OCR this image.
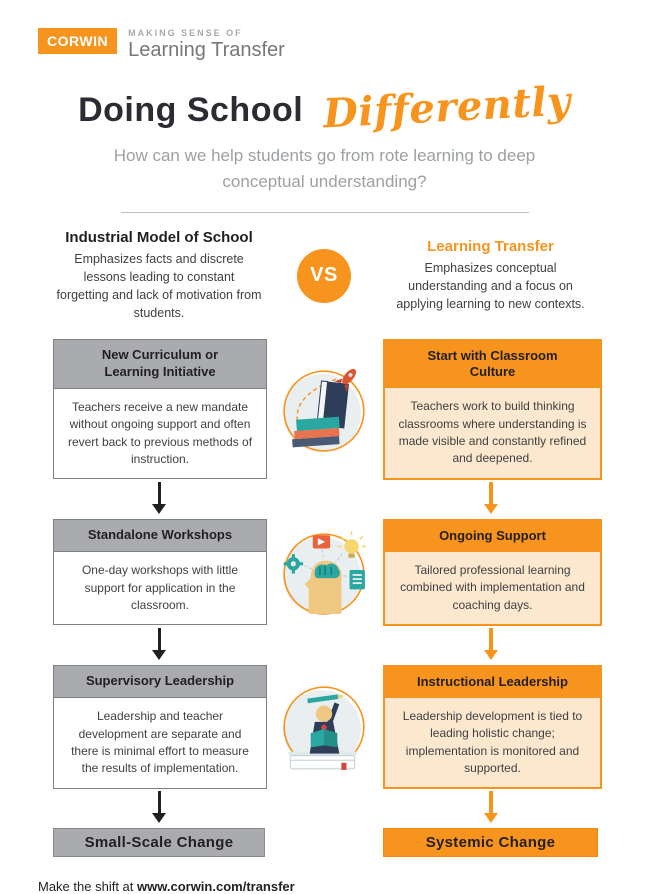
CORWIN	MAKING SENSE OF
Learning Transfer
Doing School Differently
How can we help students go from rote learning to deep conceptual understanding?
Industrial Model of School
Emphasizes facts and discrete lessons leading to constant forgetting and lack of motivation from students.
VS
Learning Transfer
Emphasizes conceptual understanding and a focus on applying learning to new contexts.
New Curriculum or Learning Initiative
Teachers receive a new mandate without ongoing support and often revert back to previous methods of instruction.
Start with Classroom Culture
Teachers work to build thinking classrooms where understanding is made visible and constantly refined and deepened.
Standalone Workshops
One-day workshops with little support for application in the classroom.
Ongoing Support
Tailored professional learning combined with implementation and coaching days.
Supervisory Leadership
Leadership and teacher development are separate and there is minimal effort to measure the results of implementation.
Instructional Leadership
Leadership development is tied to leading holistic change; implementation is monitored and supported.
Small-Scale Change	Systemic Change
Make the shift at www.corwin.com/transfer
